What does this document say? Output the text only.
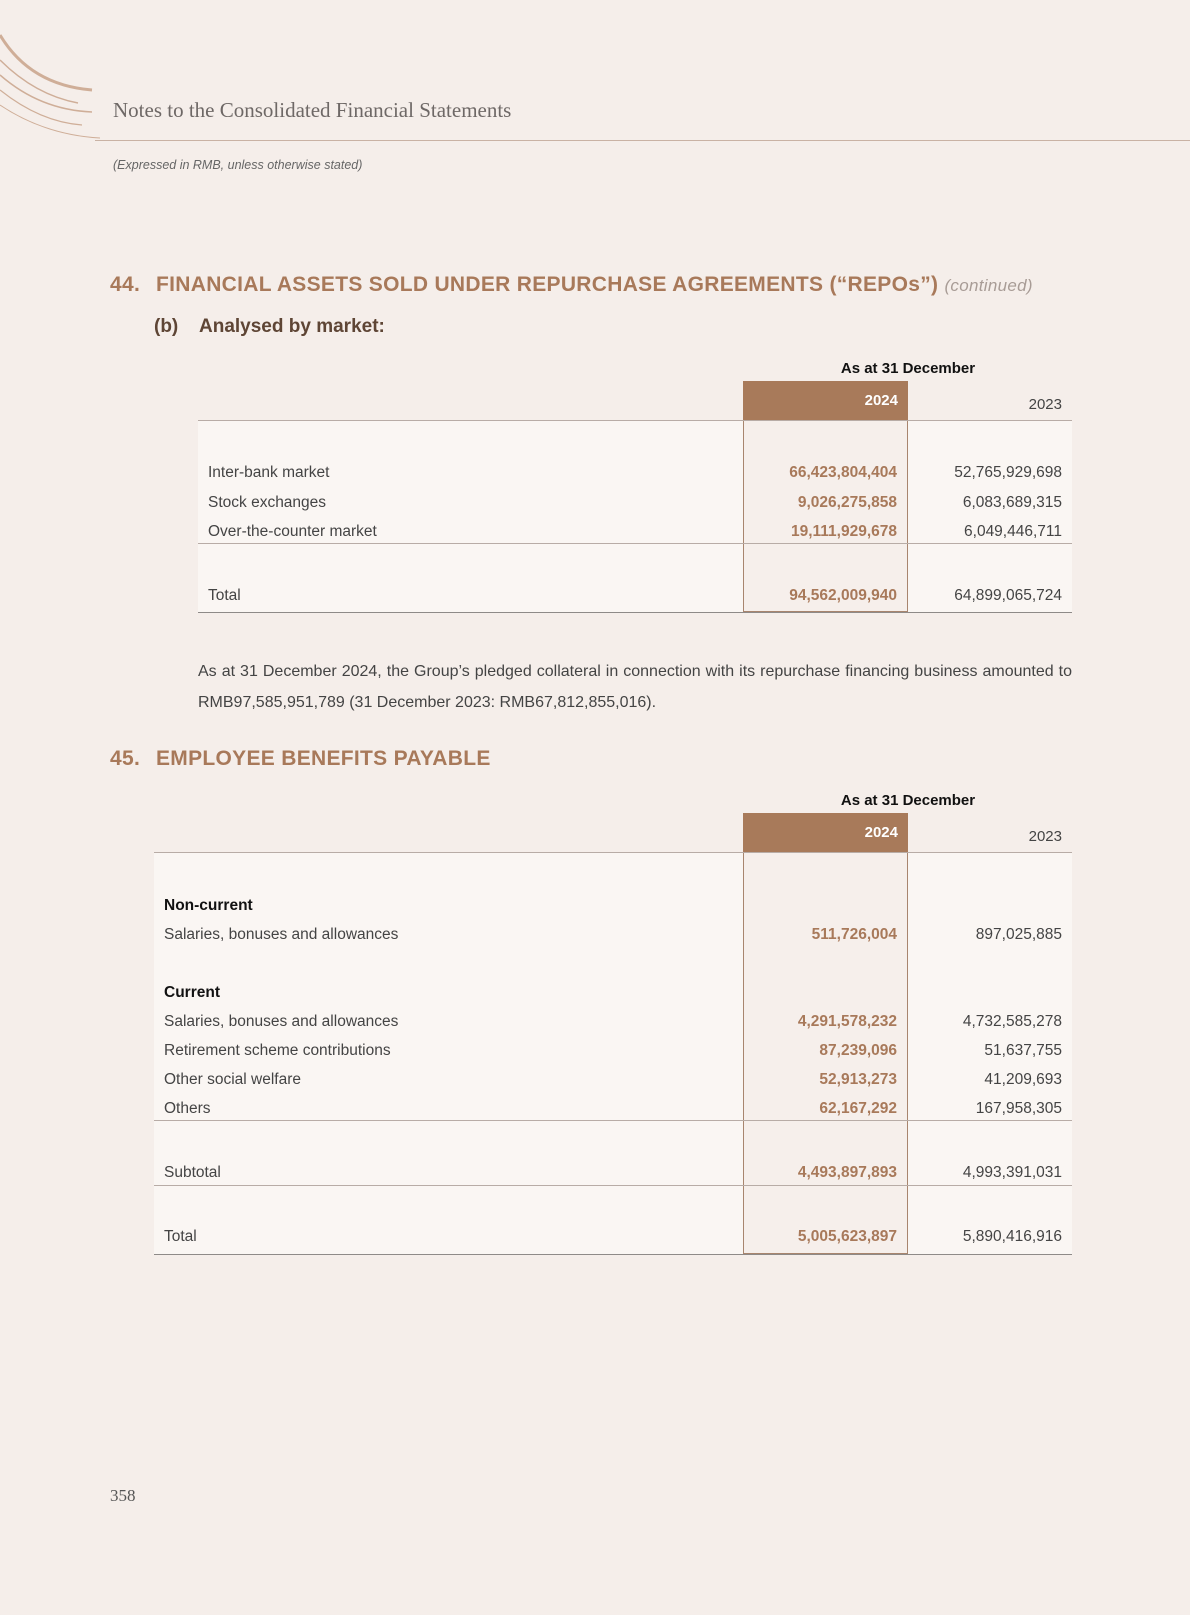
Notes to the Consolidated Financial Statements
(Expressed in RMB, unless otherwise stated)
44. FINANCIAL ASSETS SOLD UNDER REPURCHASE AGREEMENTS (“REPOs”) (continued)
(b) Analysed by market:
As at 31 December
2024	2023
Inter-bank market	66,423,804,404	52,765,929,698
Stock exchanges	9,026,275,858	6,083,689,315
Over-the-counter market	19,111,929,678	6,049,446,711
Total	94,562,009,940	64,899,065,724
As at 31 December 2024, the Group’s pledged collateral in connection with its repurchase financing business amounted to RMB97,585,951,789 (31 December 2023: RMB67,812,855,016).
45. EMPLOYEE BENEFITS PAYABLE
As at 31 December
2024	2023
Non-current
Salaries, bonuses and allowances	511,726,004	897,025,885
Current
Salaries, bonuses and allowances	4,291,578,232	4,732,585,278
Retirement scheme contributions	87,239,096	51,637,755
Other social welfare	52,913,273	41,209,693
Others	62,167,292	167,958,305
Subtotal	4,493,897,893	4,993,391,031
Total	5,005,623,897	5,890,416,916
358
